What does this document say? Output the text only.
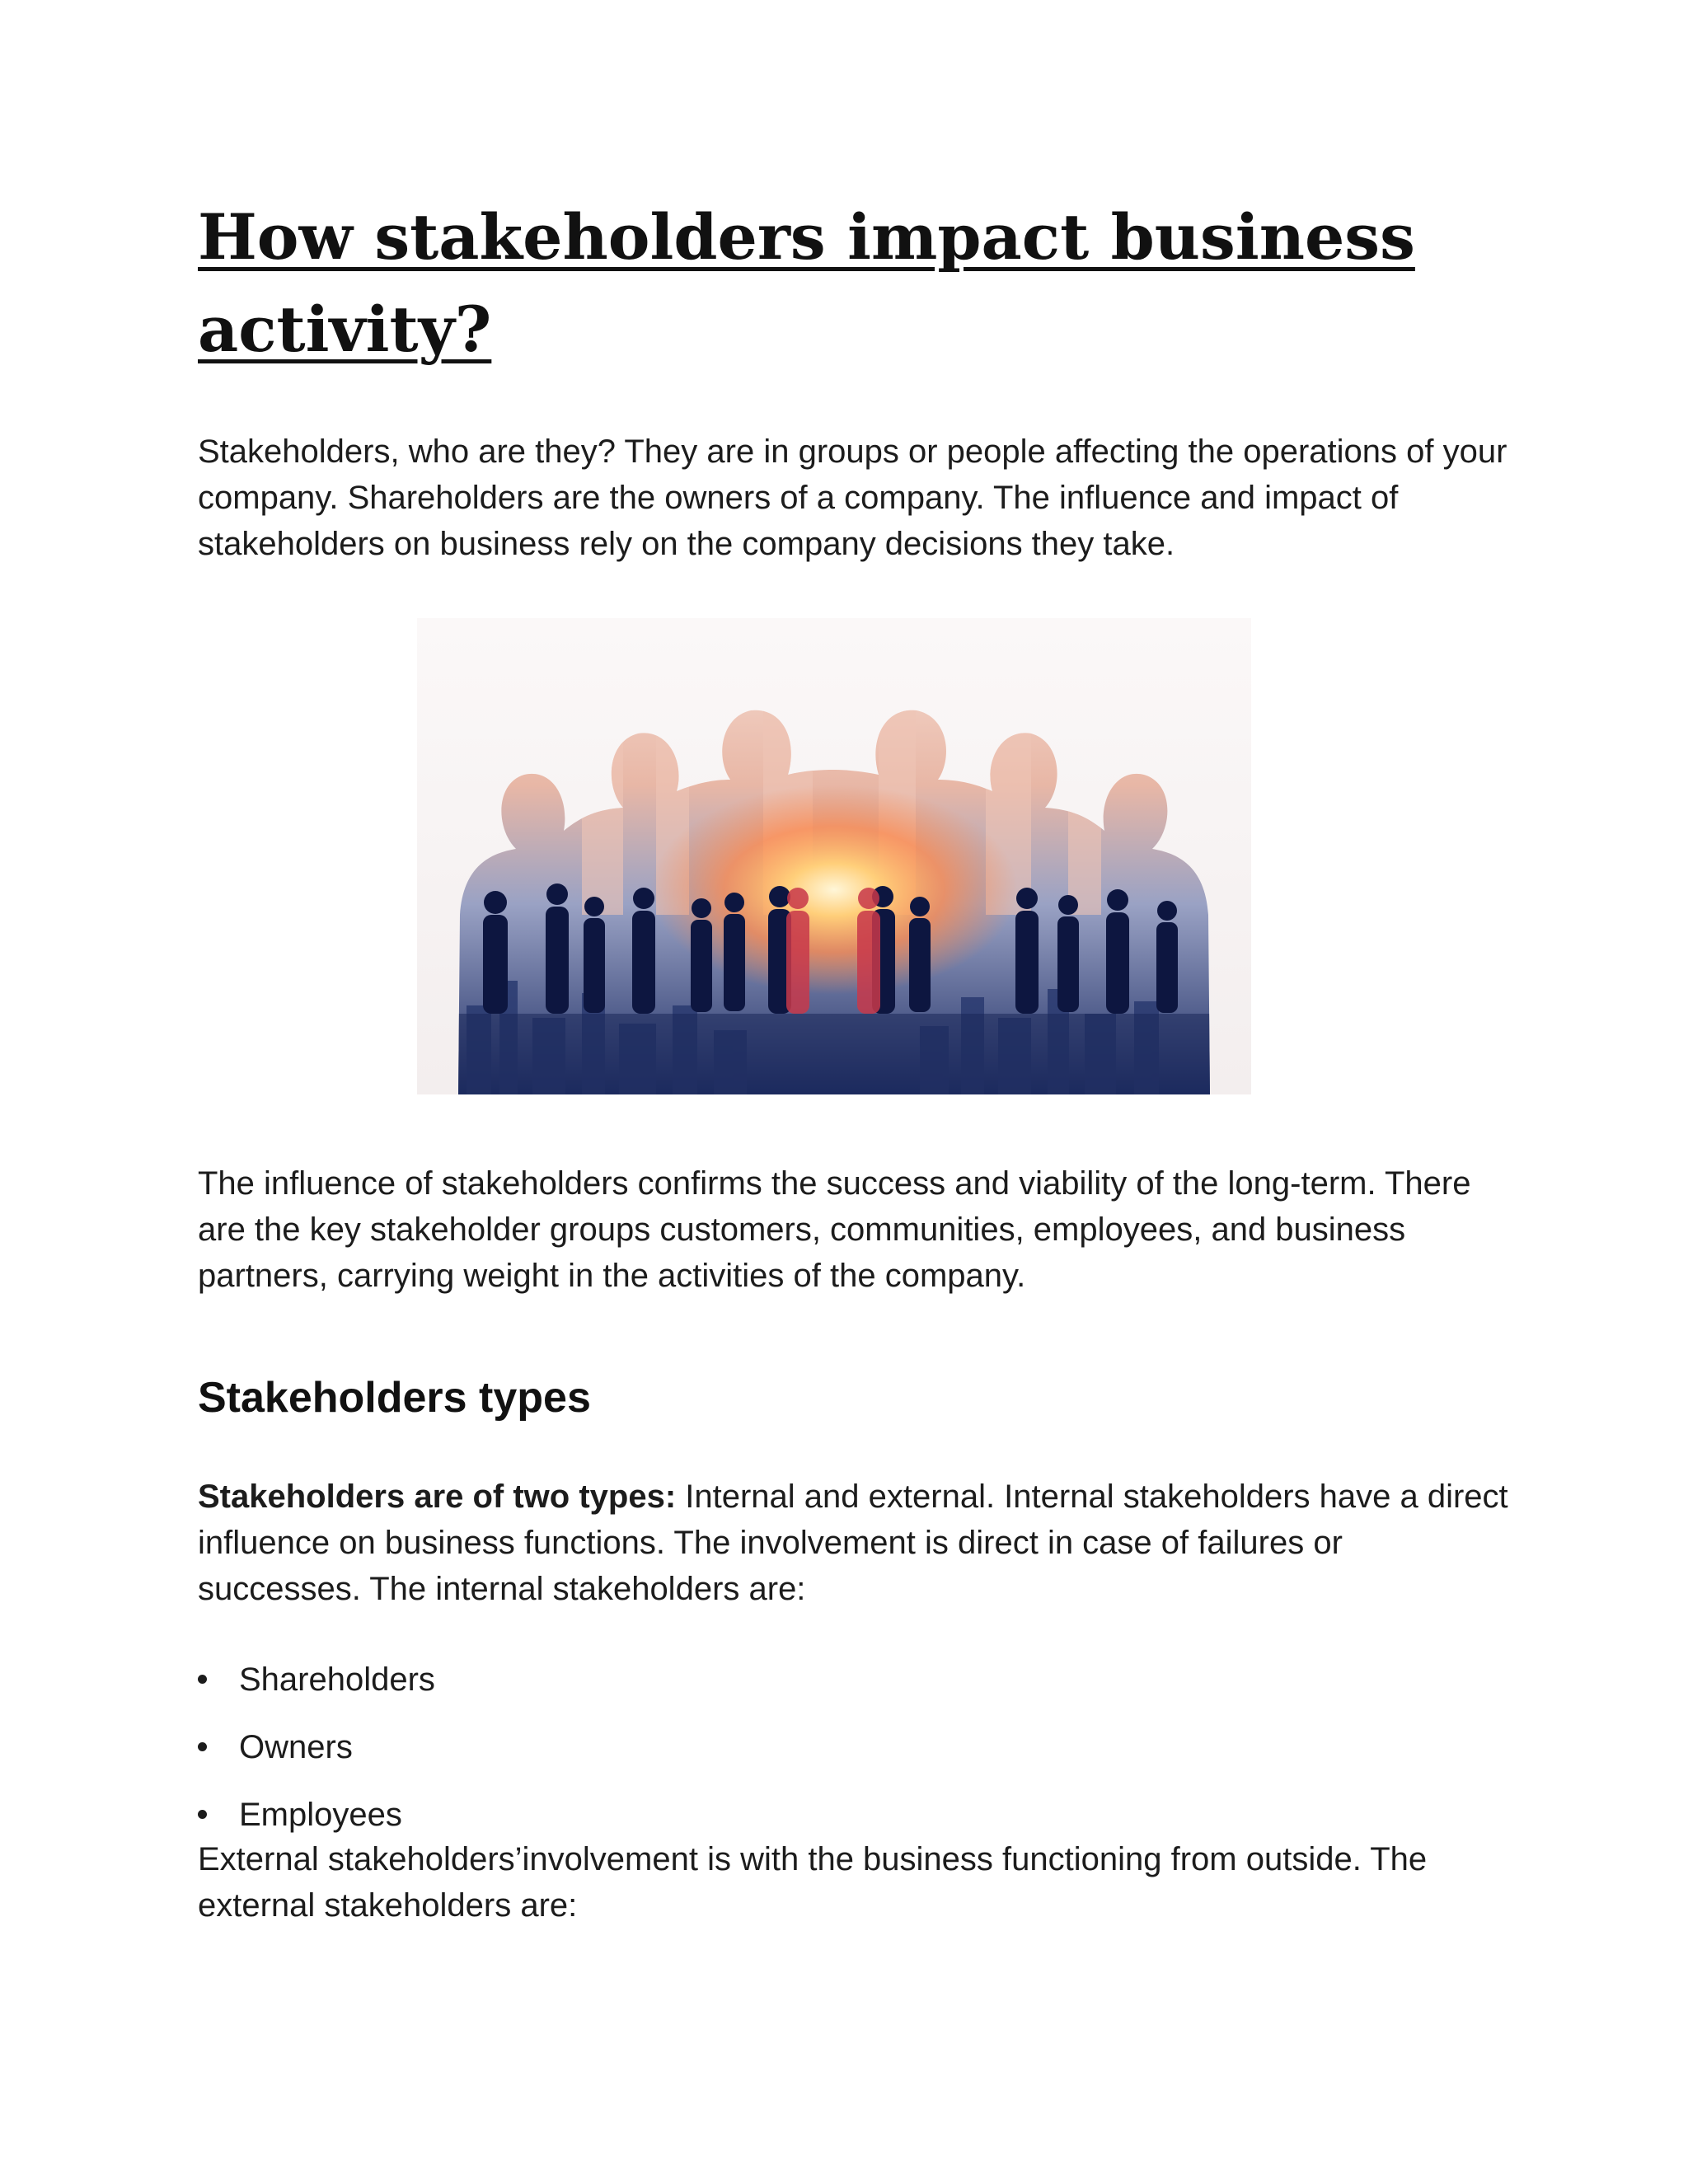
How stakeholders impact business activity?

Stakeholders, who are they? They are in groups or people affecting the operations of your company. Shareholders are the owners of a company. The influence and impact of stakeholders on business rely on the company decisions they take.

The influence of stakeholders confirms the success and viability of the long-term. There are the key stakeholder groups customers, communities, employees, and business partners, carrying weight in the activities of the company.

Stakeholders types

Stakeholders are of two types: Internal and external. Internal stakeholders have a direct influence on business functions. The involvement is direct in case of failures or successes. The internal stakeholders are:

Shareholders
Owners
Employees

External stakeholders’involvement is with the business functioning from outside. The external stakeholders are:
